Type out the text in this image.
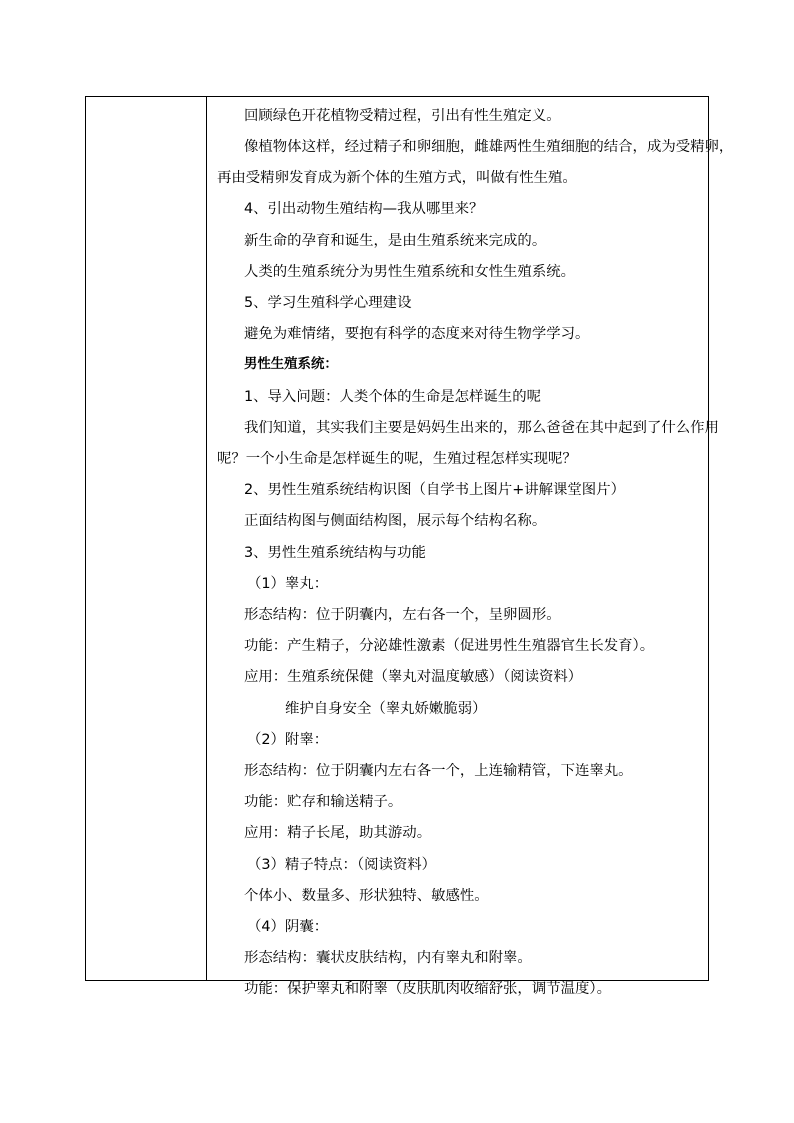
回顾绿色开花植物受精过程，引出有性生殖定义。
像植物体这样，经过精子和卵细胞，雌雄两性生殖细胞的结合，成为受精卵，
再由受精卵发育成为新个体的生殖方式，叫做有性生殖。
4、引出动物生殖结构—我从哪里来？
新生命的孕育和诞生，是由生殖系统来完成的。
人类的生殖系统分为男性生殖系统和女性生殖系统。
5、学习生殖科学心理建设
避免为难情绪，要抱有科学的态度来对待生物学学习。
男性生殖系统：
1、导入问题：人类个体的生命是怎样诞生的呢
我们知道，其实我们主要是妈妈生出来的，那么爸爸在其中起到了什么作用
呢？一个小生命是怎样诞生的呢，生殖过程怎样实现呢？
2、男性生殖系统结构识图（自学书上图片+讲解课堂图片）
正面结构图与侧面结构图，展示每个结构名称。
3、男性生殖系统结构与功能
（1）睾丸：
形态结构：位于阴囊内，左右各一个，呈卵圆形。
功能：产生精子，分泌雄性激素（促进男性生殖器官生长发育）。
应用：生殖系统保健（睾丸对温度敏感）（阅读资料）
维护自身安全（睾丸娇嫩脆弱）
（2）附睾：
形态结构：位于阴囊内左右各一个，上连输精管，下连睾丸。
功能：贮存和输送精子。
应用：精子长尾，助其游动。
（3）精子特点：（阅读资料）
个体小、数量多、形状独特、敏感性。
（4）阴囊：
形态结构：囊状皮肤结构，内有睾丸和附睾。
功能：保护睾丸和附睾（皮肤肌肉收缩舒张，调节温度）。
